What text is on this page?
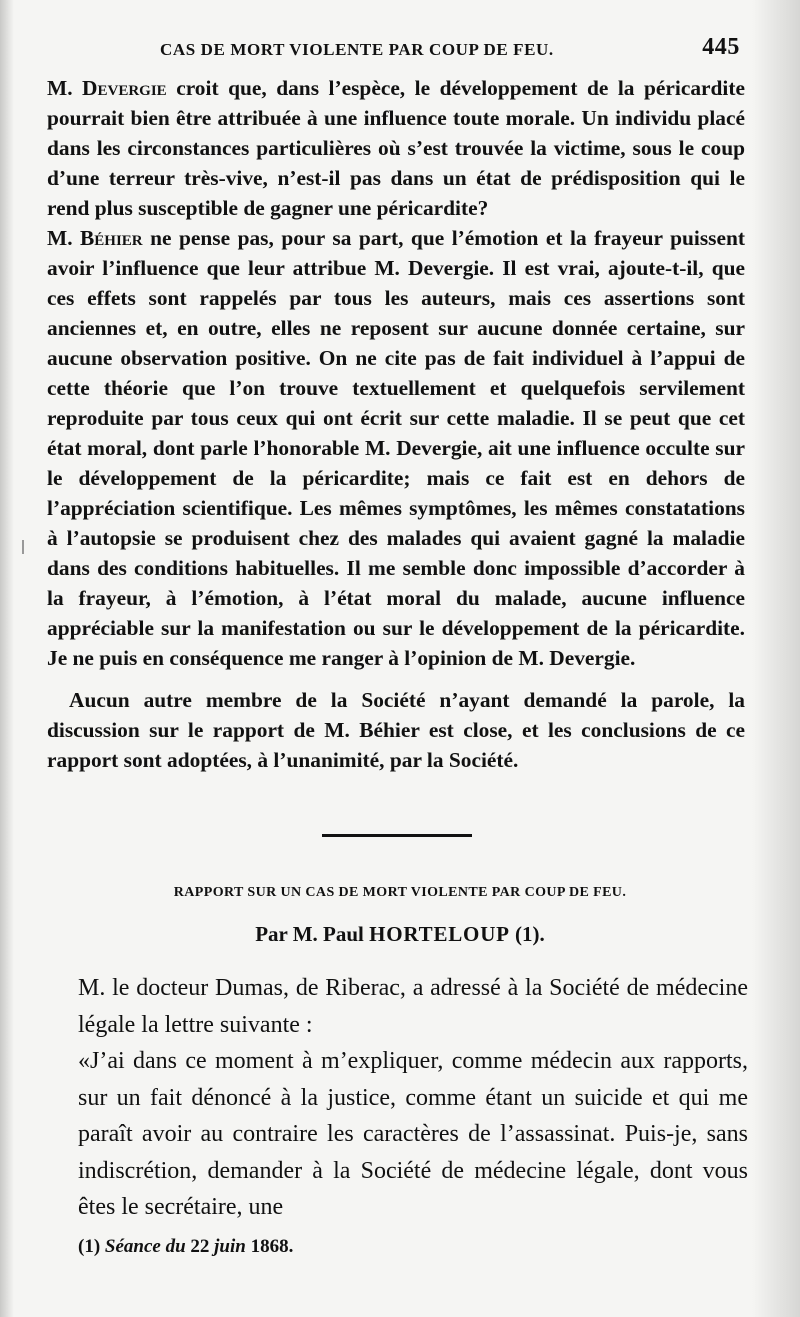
CAS DE MORT VIOLENTE PAR COUP DE FEU.	445

M. Devergie croit que, dans l’espèce, le développement de la péricardite pourrait bien être attribuée à une influence toute morale. Un individu placé dans les circonstances particulières où s’est trouvée la victime, sous le coup d’une terreur très-vive, n’est-il pas dans un état de prédisposition qui le rend plus susceptible de gagner une péricardite?

M. Béhier ne pense pas, pour sa part, que l’émotion et la frayeur puissent avoir l’influence que leur attribue M. Devergie. Il est vrai, ajoute-t-il, que ces effets sont rappelés par tous les auteurs, mais ces assertions sont anciennes et, en outre, elles ne reposent sur aucune donnée certaine, sur aucune observation positive. On ne cite pas de fait individuel à l’appui de cette théorie que l’on trouve textuellement et quelquefois servilement reproduite par tous ceux qui ont écrit sur cette maladie. Il se peut que cet état moral, dont parle l’honorable M. Devergie, ait une influence occulte sur le développement de la péricardite; mais ce fait est en dehors de l’appréciation scientifique. Les mêmes symptômes, les mêmes constatations à l’autopsie se produisent chez des malades qui avaient gagné la maladie dans des conditions habituelles. Il me semble donc impossible d’accorder à la frayeur, à l’émotion, à l’état moral du malade, aucune influence appréciable sur la manifestation ou sur le développement de la péricardite. Je ne puis en conséquence me ranger à l’opinion de M. Devergie.

Aucun autre membre de la Société n’ayant demandé la parole, la discussion sur le rapport de M. Béhier est close, et les conclusions de ce rapport sont adoptées, à l’unanimité, par la Société.

RAPPORT SUR UN CAS DE MORT VIOLENTE PAR COUP DE FEU.
Par M. Paul HORTELOUP (1).

M. le docteur Dumas, de Riberac, a adressé à la Société de médecine légale la lettre suivante :

«J’ai dans ce moment à m’expliquer, comme médecin aux rapports, sur un fait dénoncé à la justice, comme étant un suicide et qui me paraît avoir au contraire les caractères de l’assassinat. Puis-je, sans indiscrétion, demander à la Société de médecine légale, dont vous êtes le secrétaire, une

(1) Séance du 22 juin 1868.
